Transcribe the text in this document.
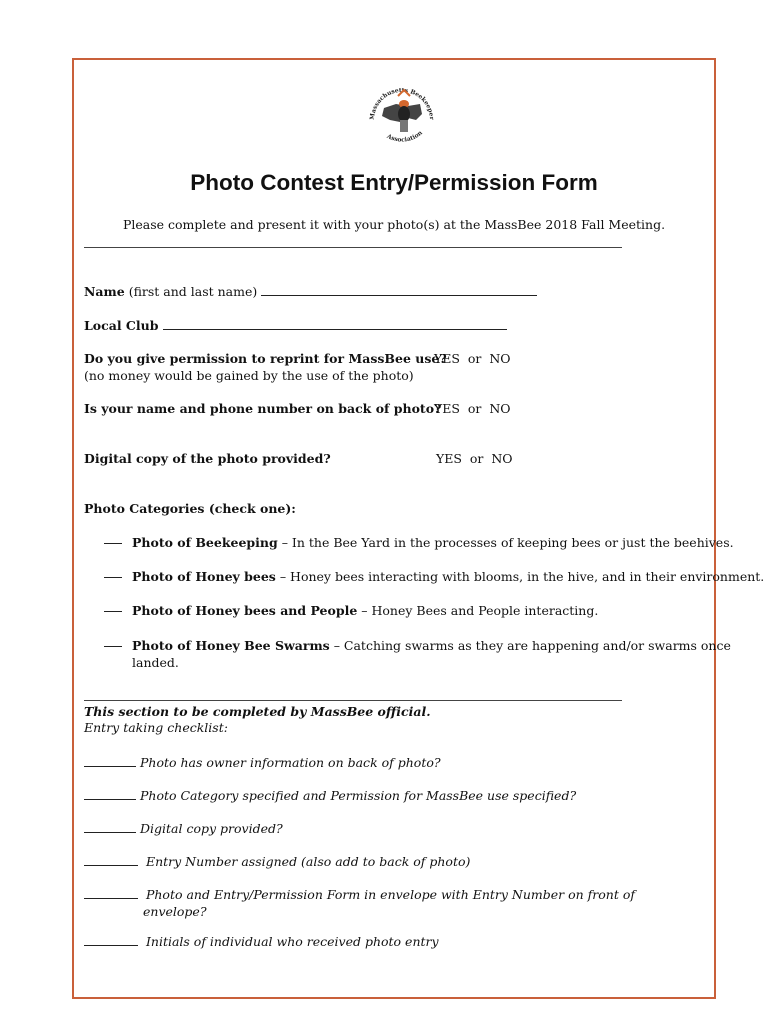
Massachusetts Beekeeper
Association
Photo Contest Entry/Permission Form
Please complete and present it with your photo(s) at the MassBee 2018 Fall Meeting.
Name (first and last name)
Local Club
Do you give permission to reprint for MassBee use?
(no money would be gained by the use of the photo)
YES  or  NO
Is your name and phone number on back of photo?
YES  or  NO
Digital copy of the photo provided?	YES  or  NO
Photo Categories (check one):
Photo of Beekeeping – In the Bee Yard in the processes of keeping bees or just the beehives.
Photo of Honey bees – Honey bees interacting with blooms, in the hive, and in their environment.
Photo of Honey bees and People – Honey Bees and People interacting.
Photo of Honey Bee Swarms – Catching swarms as they are happening and/or swarms once
landed.
This section to be completed by MassBee official.
Entry taking checklist:
Photo has owner information on back of photo?
Photo Category specified and Permission for MassBee use specified?
Digital copy provided?
Entry Number assigned (also add to back of photo)
Photo and Entry/Permission Form in envelope with Entry Number on front of
envelope?
Initials of individual who received photo entry
